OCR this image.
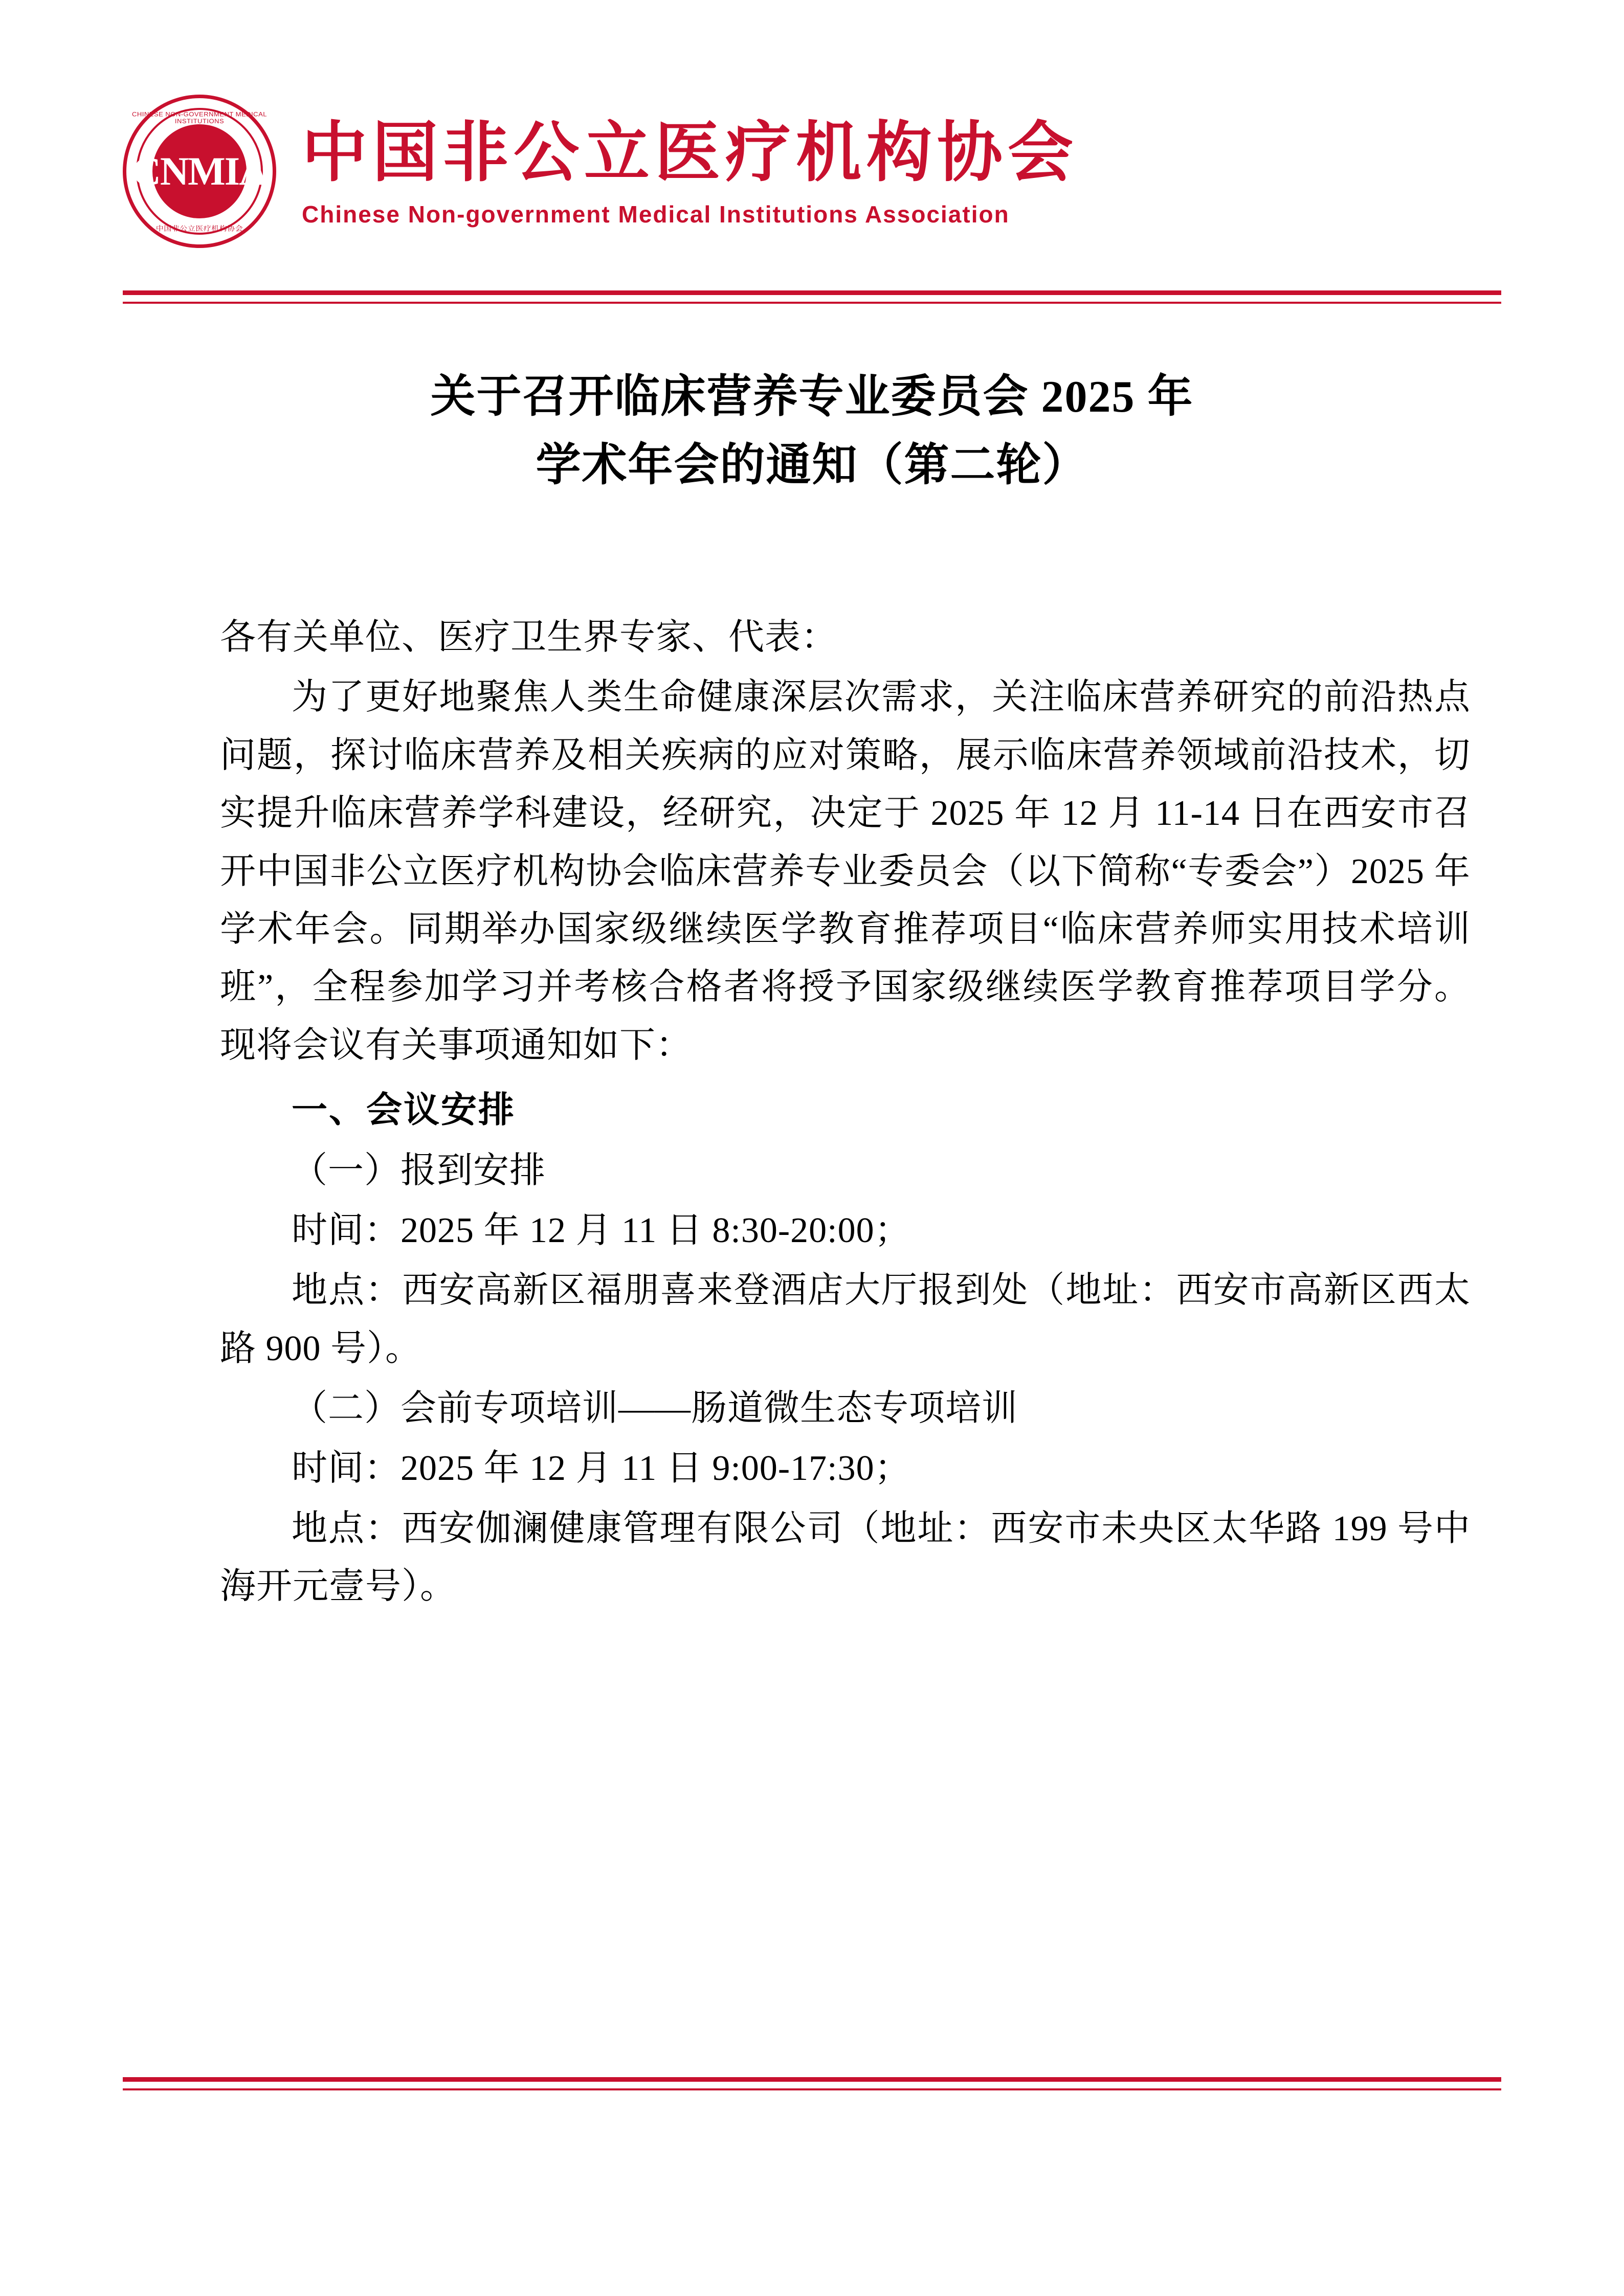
CHINESE NON-GOVERNMENT MEDICAL INSTITUTIONS
CNMIA
中国非公立医疗机构协会
中国非公立医疗机构协会
Chinese Non-government Medical Institutions Association
关于召开临床营养专业委员会 2025 年
学术年会的通知（第二轮）

各有关单位、医疗卫生界专家、代表：

为了更好地聚焦人类生命健康深层次需求，关注临床营养研究的前沿热点问题，探讨临床营养及相关疾病的应对策略，展示临床营养领域前沿技术，切实提升临床营养学科建设，经研究，决定于 2025 年 12 月 11-14 日在西安市召开中国非公立医疗机构协会临床营养专业委员会（以下简称“专委会”）2025 年学术年会。同期举办国家级继续医学教育推荐项目“临床营养师实用技术培训班”，全程参加学习并考核合格者将授予国家级继续医学教育推荐项目学分。现将会议有关事项通知如下：

一、会议安排

（一）报到安排

时间：2025 年 12 月 11 日 8:30-20:00；

地点：西安高新区福朋喜来登酒店大厅报到处（地址：西安市高新区西太路 900 号）。

（二）会前专项培训——肠道微生态专项培训

时间：2025 年 12 月 11 日 9:00-17:30；

地点：西安伽澜健康管理有限公司（地址：西安市未央区太华路 199 号中海开元壹号）。
